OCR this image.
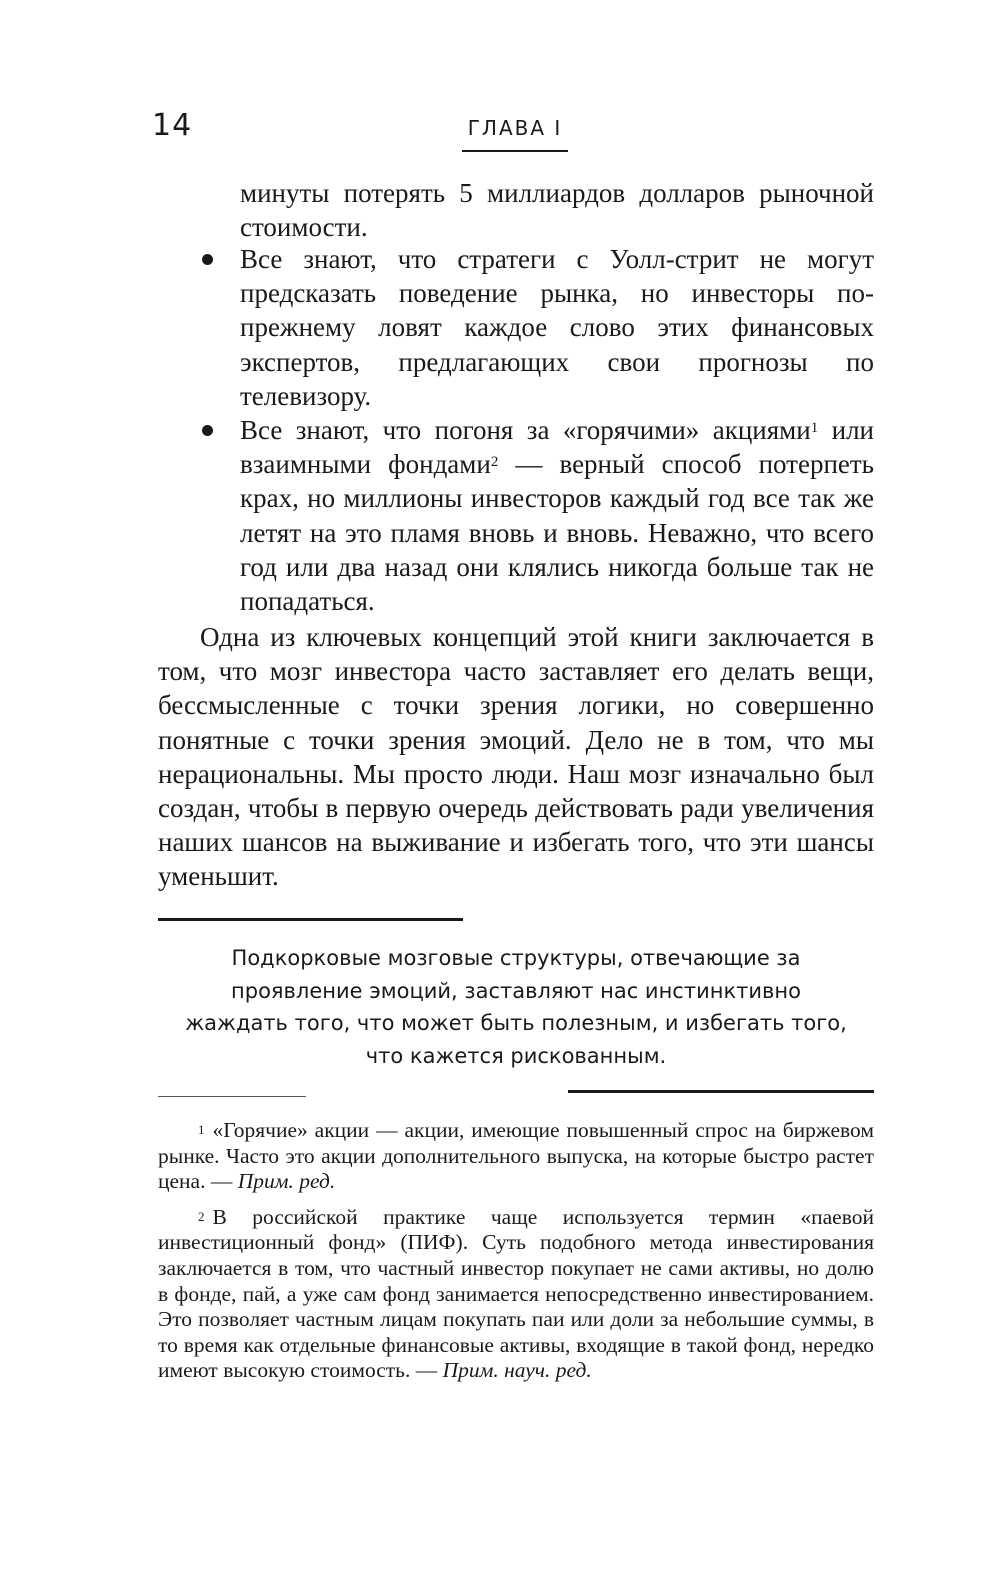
14	ГЛАВА I

минуты потерять 5 миллиардов долларов рыночной стоимости.

Все знают, что стратеги с Уолл-стрит не могут предсказать поведение рынка, но инвесторы по-прежнему ловят каждое слово этих финансовых экспертов, предлагающих свои прогнозы по телевизору.
Все знают, что погоня за «горячими» акциями$^1$ или взаимными фондами$^2$ — верный способ потерпеть крах, но миллионы инвесторов каждый год все так же летят на это пламя вновь и вновь. Неважно, что всего год или два назад они клялись никогда больше так не попадаться.

Одна из ключевых концепций этой книги заключается в том, что мозг инвестора часто заставляет его делать вещи, бессмысленные с точки зрения логики, но совершенно понятные с точки зрения эмоций. Дело не в том, что мы нерациональны. Мы просто люди. Наш мозг изначально был создан, чтобы в первую очередь действовать ради увеличения наших шансов на выживание и избегать того, что эти шансы уменьшит.

Подкорковые мозговые структуры, отвечающие за проявление эмоций, заставляют нас инстинктивно жаждать того, что может быть полезным, и избегать того, что кажется рискованным.

$^1$ «Горячие» акции — акции, имеющие повышенный спрос на биржевом рынке. Часто это акции дополнительного выпуска, на которые быстро растет цена. — Прим. ред.
$^2$ В российской практике чаще используется термин «паевой инвестиционный фонд» (ПИФ). Суть подобного метода инвестирования заключается в том, что частный инвестор покупает не сами активы, но долю в фонде, пай, а уже сам фонд занимается непосредственно инвестированием. Это позволяет частным лицам покупать паи или доли за небольшие суммы, в то время как отдельные финансовые активы, входящие в такой фонд, нередко имеют высокую стоимость. — Прим. науч. ред.
